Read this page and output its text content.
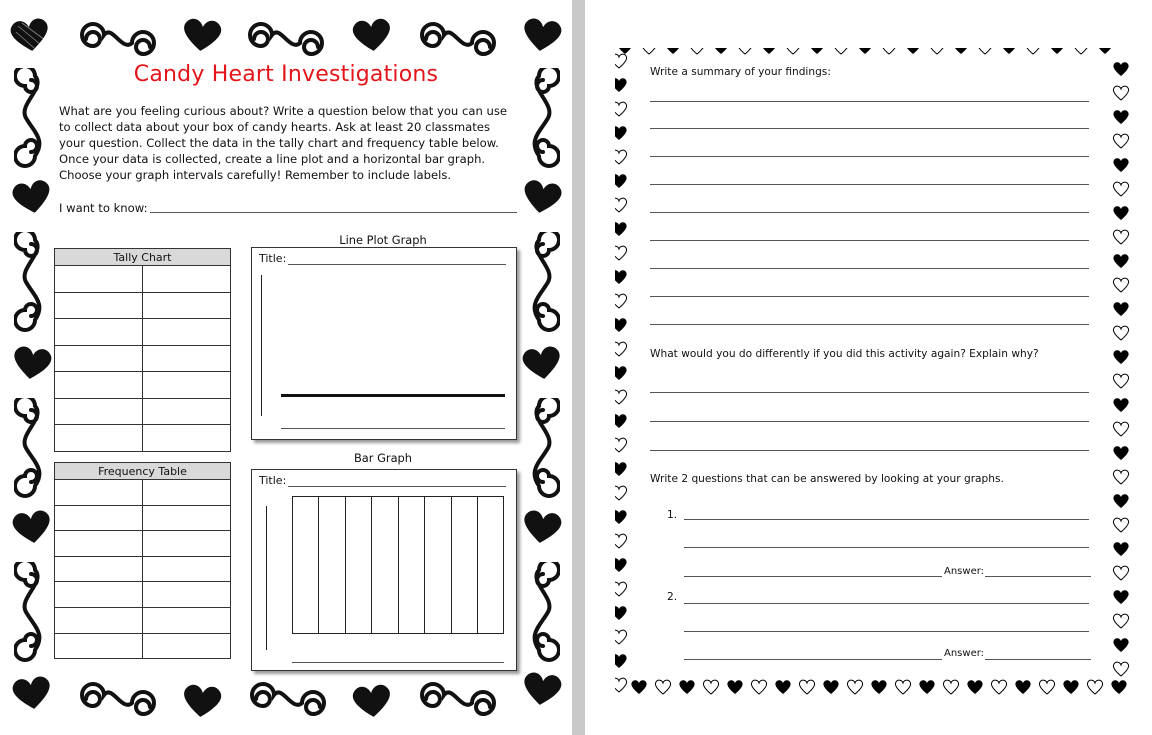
Candy Heart Investigations
What are you feeling curious about? Write a question below that you can use to collect data about your box of candy hearts. Ask at least 20 classmates your question. Collect the data in the tally chart and frequency table below. Once your data is collected, create a line plot and a horizontal bar graph. Choose your graph intervals carefully! Remember to include labels.
I want to know:
Tally Chart	

Frequency Table	

Line Plot Graph
Title:
Bar Graph
Title:
Write a summary of your findings:
What would you do differently if you did this activity again? Explain why?
Write 2 questions that can be answered by looking at your graphs.
1.
Answer:
2.
Answer:
